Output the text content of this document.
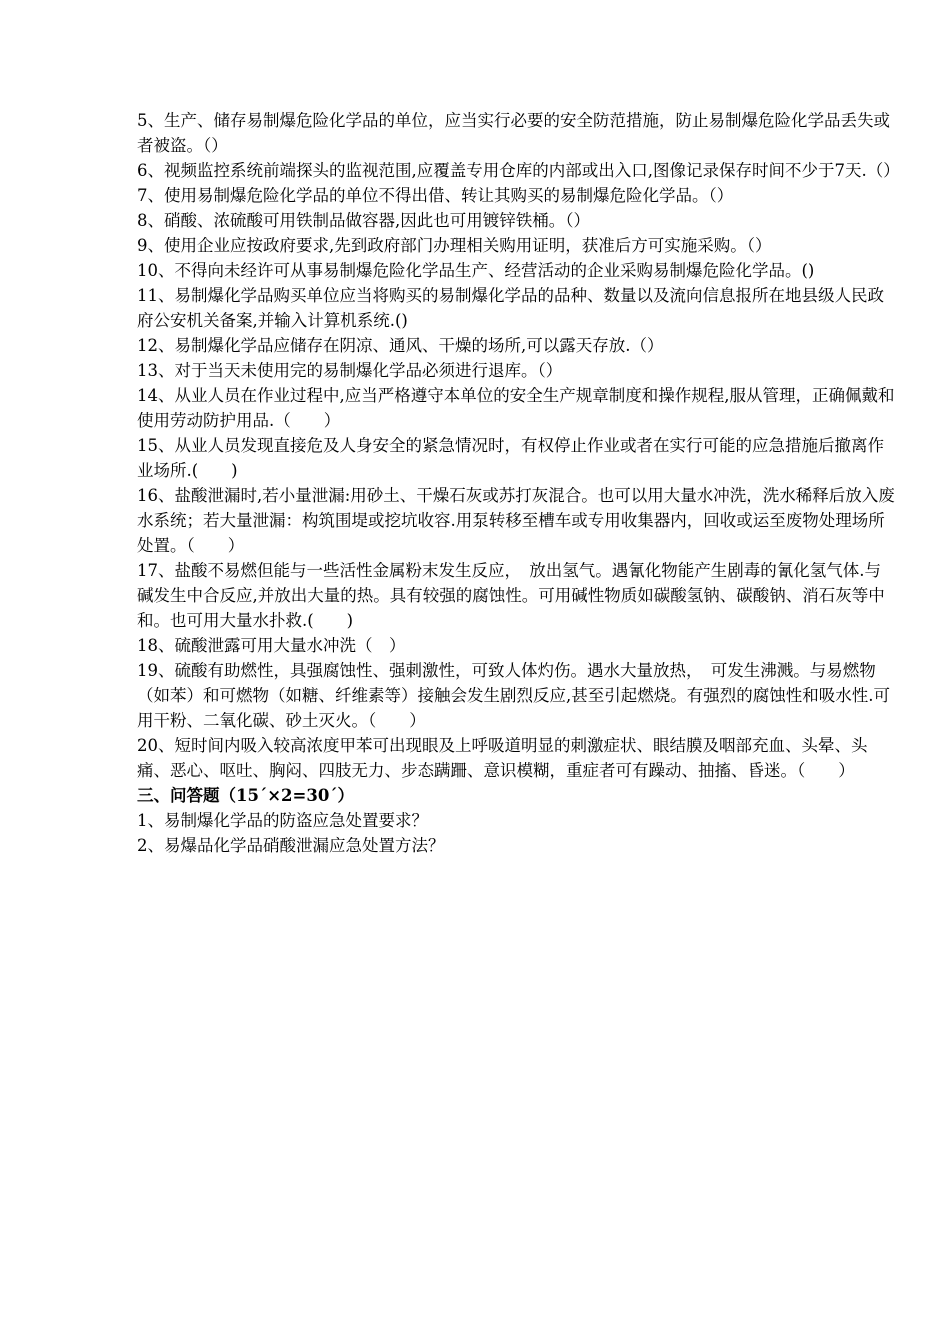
5、生产、储存易制爆危险化学品的单位，应当实行必要的安全防范措施，防止易制爆危险化学品丢失或者被盗。（）

6、视频监控系统前端探头的监视范围,应覆盖专用仓库的内部或出入口,图像记录保存时间不少于7天.（）

7、使用易制爆危险化学品的单位不得出借、转让其购买的易制爆危险化学品。（）

8、硝酸、浓硫酸可用铁制品做容器,因此也可用镀锌铁桶。（）

9、使用企业应按政府要求,先到政府部门办理相关购用证明，获准后方可实施采购。（）

10、不得向未经许可从事易制爆危险化学品生产、经营活动的企业采购易制爆危险化学品。()

11、易制爆化学品购买单位应当将购买的易制爆化学品的品种、数量以及流向信息报所在地县级人民政府公安机关备案,并输入计算机系统.()

12、易制爆化学品应储存在阴凉、通风、干燥的场所,可以露天存放.（）

13、对于当天未使用完的易制爆化学品必须进行退库。（）

14、从业人员在作业过程中,应当严格遵守本单位的安全生产规章制度和操作规程,服从管理，正确佩戴和使用劳动防护用品.（　　）

15、从业人员发现直接危及人身安全的紧急情况时，有权停止作业或者在实行可能的应急措施后撤离作业场所.(　　)

16、盐酸泄漏时,若小量泄漏:用砂土、干燥石灰或苏打灰混合。也可以用大量水冲洗，洗水稀释后放入废水系统；若大量泄漏：构筑围堤或挖坑收容.用泵转移至槽车或专用收集器内，回收或运至废物处理场所处置。（　　）

17、盐酸不易燃但能与一些活性金属粉末发生反应，　放出氢气。遇氰化物能产生剧毒的氰化氢气体.与碱发生中合反应,并放出大量的热。具有较强的腐蚀性。可用碱性物质如碳酸氢钠、碳酸钠、消石灰等中和。也可用大量水扑救.(　　)

18、硫酸泄露可用大量水冲洗（　）

19、硫酸有助燃性，具强腐蚀性、强刺激性，可致人体灼伤。遇水大量放热，　可发生沸溅。与易燃物（如苯）和可燃物（如糖、纤维素等）接触会发生剧烈反应,甚至引起燃烧。有强烈的腐蚀性和吸水性.可用干粉、二氧化碳、砂土灭火。（　　）

20、短时间内吸入较高浓度甲苯可出现眼及上呼吸道明显的刺激症状、眼结膜及咽部充血、头晕、头痛、恶心、呕吐、胸闷、四肢无力、步态蹒跚、意识模糊，重症者可有躁动、抽搐、昏迷。（　　）

三、问答题（15´×2=30´）

1、易制爆化学品的防盗应急处置要求？

2、易爆品化学品硝酸泄漏应急处置方法？
